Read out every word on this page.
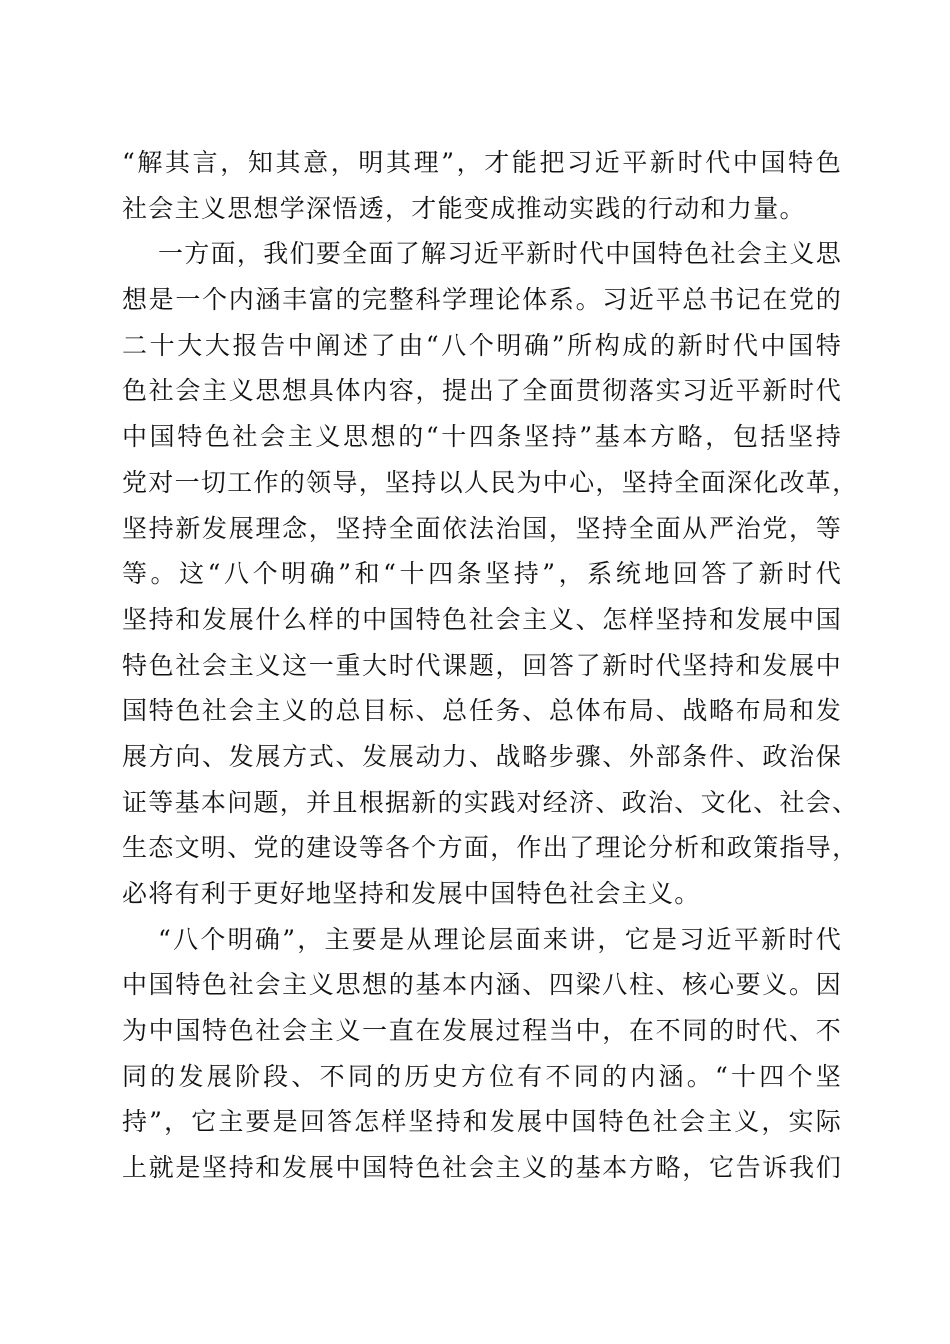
“解其言，知其意，明其理”，才能把习近平新时代中国特色
社会主义思想学深悟透，才能变成推动实践的行动和力量。
一方面，我们要全面了解习近平新时代中国特色社会主义思
想是一个内涵丰富的完整科学理论体系。习近平总书记在党的
二十大大报告中阐述了由“八个明确”所构成的新时代中国特
色社会主义思想具体内容，提出了全面贯彻落实习近平新时代
中国特色社会主义思想的“十四条坚持”基本方略，包括坚持
党对一切工作的领导，坚持以人民为中心，坚持全面深化改革，
坚持新发展理念，坚持全面依法治国，坚持全面从严治党，等
等。这“八个明确”和“十四条坚持”，系统地回答了新时代
坚持和发展什么样的中国特色社会主义、怎样坚持和发展中国
特色社会主义这一重大时代课题，回答了新时代坚持和发展中
国特色社会主义的总目标、总任务、总体布局、战略布局和发
展方向、发展方式、发展动力、战略步骤、外部条件、政治保
证等基本问题，并且根据新的实践对经济、政治、文化、社会、
生态文明、党的建设等各个方面，作出了理论分析和政策指导，
必将有利于更好地坚持和发展中国特色社会主义。
“八个明确”，主要是从理论层面来讲，它是习近平新时代
中国特色社会主义思想的基本内涵、四梁八柱、核心要义。因
为中国特色社会主义一直在发展过程当中，在不同的时代、不
同的发展阶段、不同的历史方位有不同的内涵。“十四个坚
持”，它主要是回答怎样坚持和发展中国特色社会主义，实际
上就是坚持和发展中国特色社会主义的基本方略，它告诉我们
